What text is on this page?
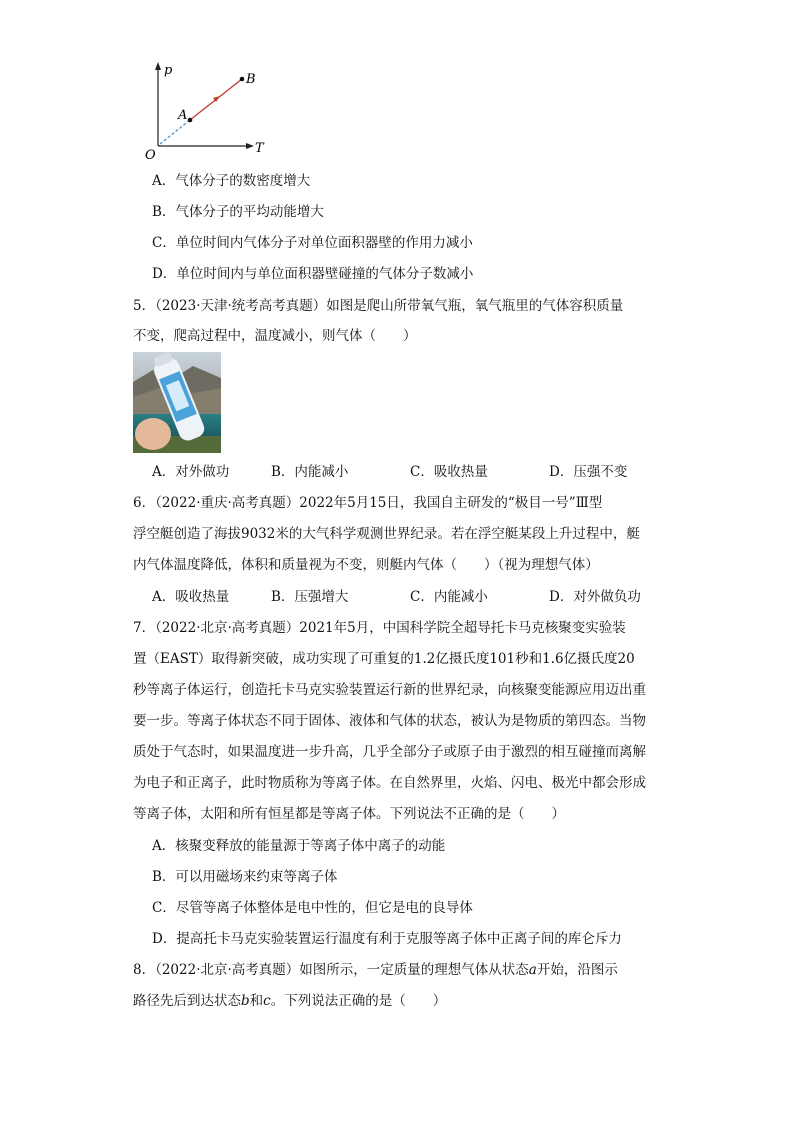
p
T
O
A
B
A．气体分子的数密度增大
B．气体分子的平均动能增大
C．单位时间内气体分子对单位面积器壁的作用力减小
D．单位时间内与单位面积器壁碰撞的气体分子数减小
5．（2023·天津·统考高考真题）如图是爬山所带氧气瓶，氧气瓶里的气体容积质量
不变，爬高过程中，温度减小，则气体（　　）
A．对外做功	B．内能减小	C．吸收热量	D．压强不变
6．（2022·重庆·高考真题）2022年5月15日，我国自主研发的“极目一号”Ⅲ型
浮空艇创造了海拔9032米的大气科学观测世界纪录。若在浮空艇某段上升过程中，艇
内气体温度降低，体积和质量视为不变，则艇内气体（　　）（视为理想气体）
A．吸收热量	B．压强增大	C．内能减小	D．对外做负功
7．（2022·北京·高考真题）2021年5月，中国科学院全超导托卡马克核聚变实验装
置（EAST）取得新突破，成功实现了可重复的1.2亿摄氏度101秒和1.6亿摄氏度20
秒等离子体运行，创造托卡马克实验装置运行新的世界纪录，向核聚变能源应用迈出重
要一步。等离子体状态不同于固体、液体和气体的状态，被认为是物质的第四态。当物
质处于气态时，如果温度进一步升高，几乎全部分子或原子由于激烈的相互碰撞而离解
为电子和正离子，此时物质称为等离子体。在自然界里，火焰、闪电、极光中都会形成
等离子体，太阳和所有恒星都是等离子体。下列说法不正确的是（　　）
A．核聚变释放的能量源于等离子体中离子的动能
B．可以用磁场来约束等离子体
C．尽管等离子体整体是电中性的，但它是电的良导体
D．提高托卡马克实验装置运行温度有利于克服等离子体中正离子间的库仑斥力
8．（2022·北京·高考真题）如图所示，一定质量的理想气体从状态a开始，沿图示
路径先后到达状态b和c。下列说法正确的是（　　）
